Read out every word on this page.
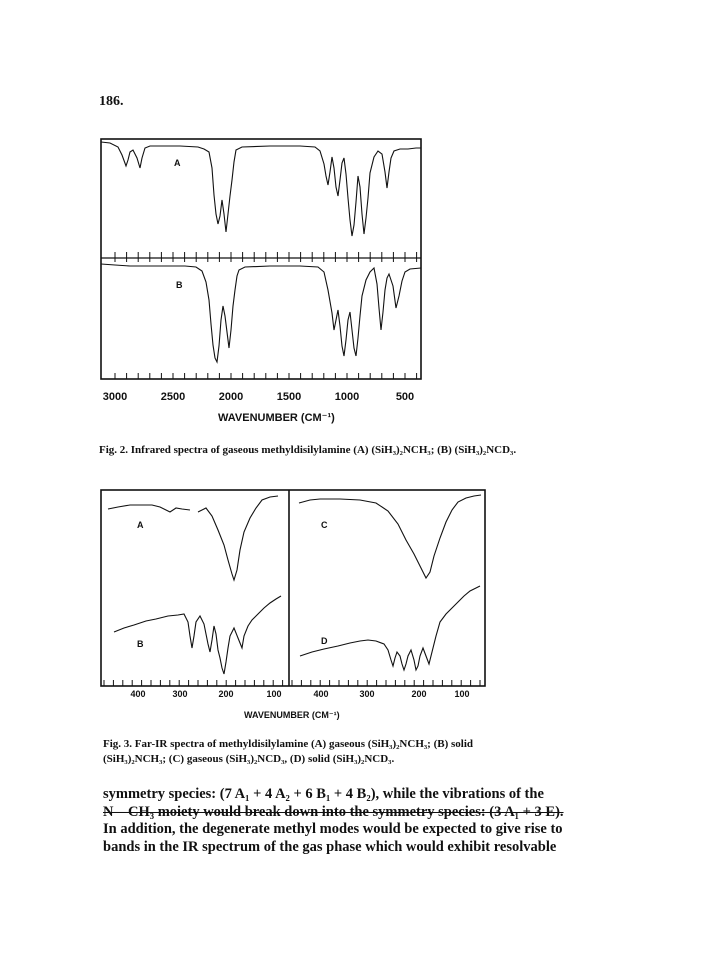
186.
A
B
3000	2500	2000	1500	1000	500
WAVENUMBER (CM⁻¹)
Fig. 2. Infrared spectra of gaseous methyldisilylamine (A) (SiH₃)₂NCH₃; (B) (SiH₃)₂NCD₃.
A
B
C
D
400	300	200	100	400	300	200	100
WAVENUMBER (CM⁻¹)
Fig. 3. Far-IR spectra of methyldisilylamine (A) gaseous (SiH₃)₂NCH₃; (B) solid
(SiH₃)₂NCH₃; (C) gaseous (SiH₃)₂NCD₃, (D) solid (SiH₃)₂NCD₃.

symmetry species: (7 A₁ + 4 A₂ + 6 B₁ + 4 B₂), while the vibrations of the

N—CH₃ moiety would break down into the symmetry species: (3 A₁ + 3 E).

In addition, the degenerate methyl modes would be expected to give rise to

bands in the IR spectrum of the gas phase which would exhibit resolvable
